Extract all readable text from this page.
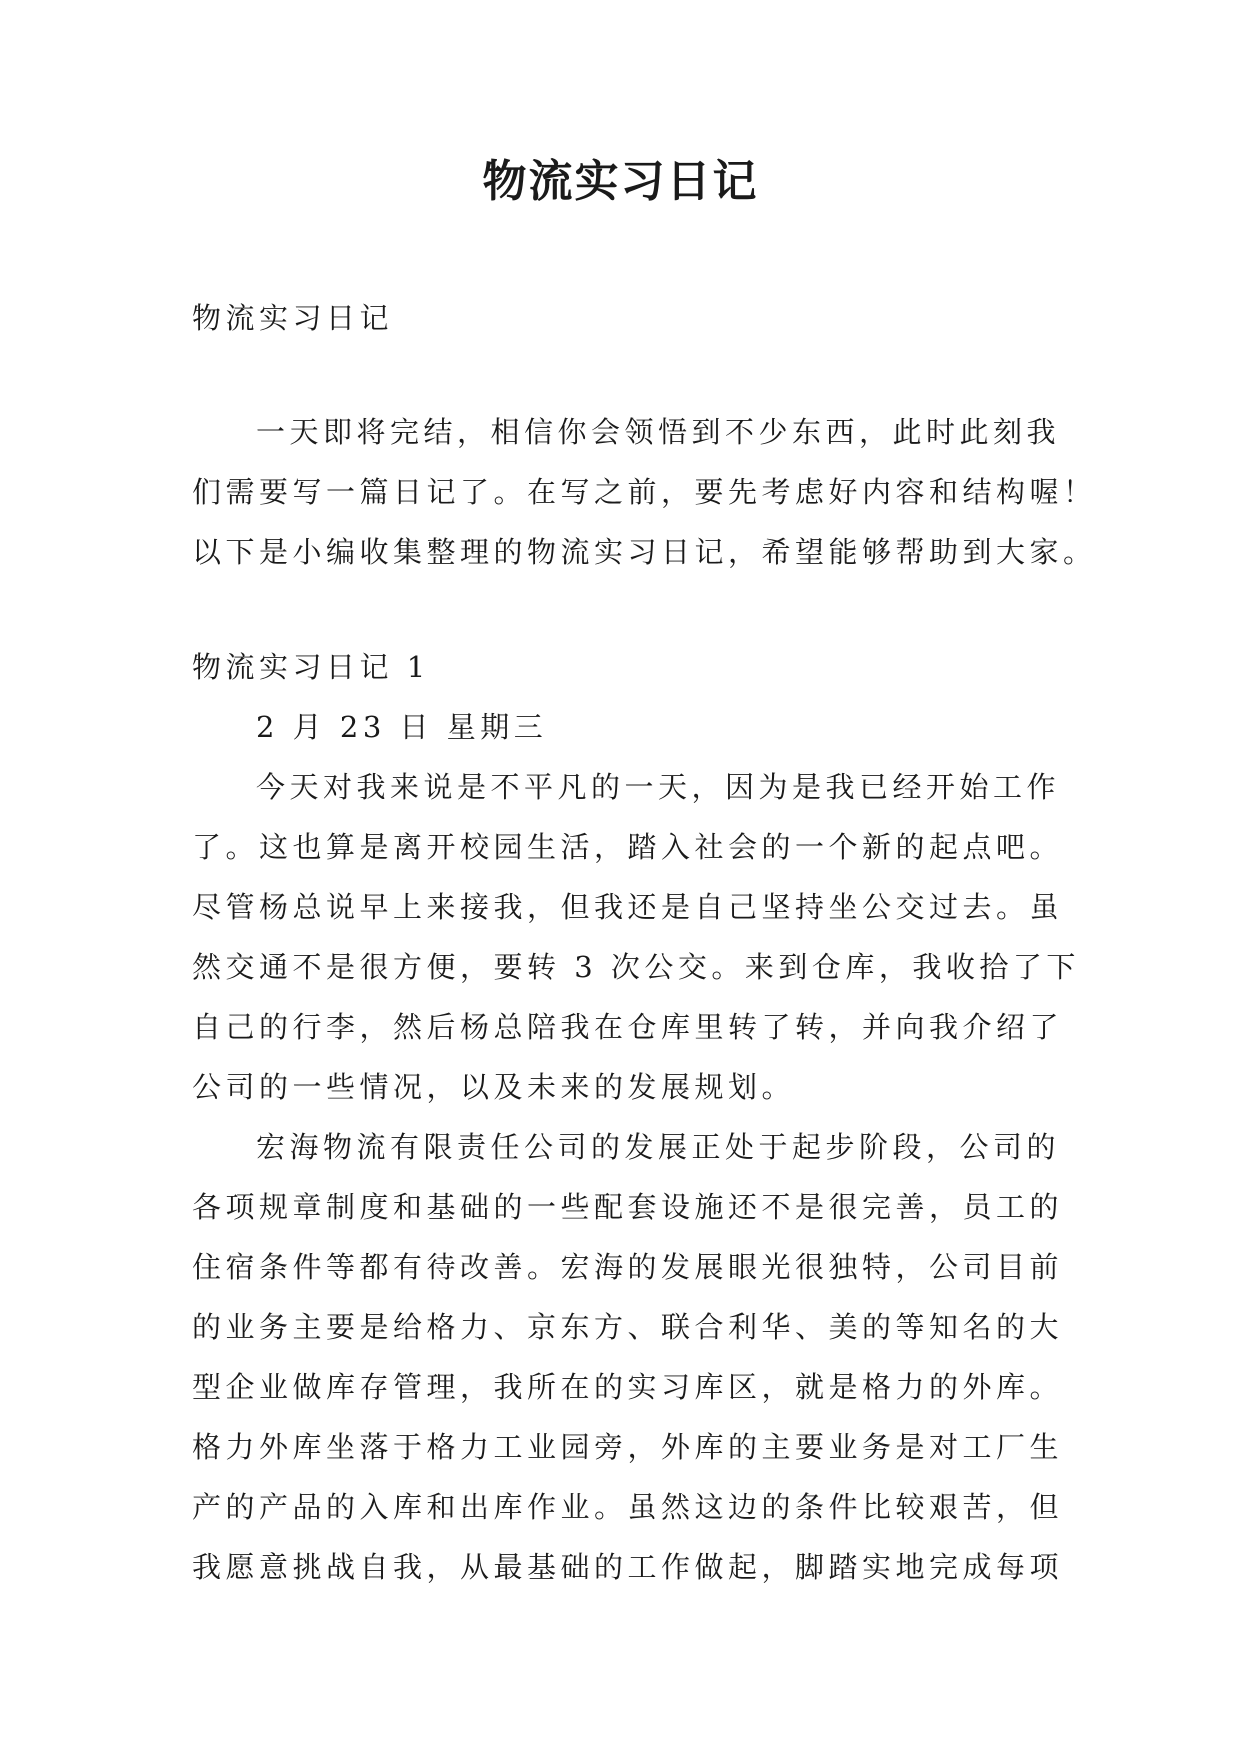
物流实习日记

物流实习日记

一天即将完结，相信你会领悟到不少东西，此时此刻我

们需要写一篇日记了。在写之前，要先考虑好内容和结构喔！

以下是小编收集整理的物流实习日记，希望能够帮助到大家。

物流实习日记 1

2 月 23 日 星期三

今天对我来说是不平凡的一天，因为是我已经开始工作

了。这也算是离开校园生活，踏入社会的一个新的起点吧。

尽管杨总说早上来接我，但我还是自己坚持坐公交过去。虽

然交通不是很方便，要转 3 次公交。来到仓库，我收拾了下

自己的行李，然后杨总陪我在仓库里转了转，并向我介绍了

公司的一些情况，以及未来的发展规划。

宏海物流有限责任公司的发展正处于起步阶段，公司的

各项规章制度和基础的一些配套设施还不是很完善，员工的

住宿条件等都有待改善。宏海的发展眼光很独特，公司目前

的业务主要是给格力、京东方、联合利华、美的等知名的大

型企业做库存管理，我所在的实习库区，就是格力的外库。

格力外库坐落于格力工业园旁，外库的主要业务是对工厂生

产的产品的入库和出库作业。虽然这边的条件比较艰苦，但

我愿意挑战自我，从最基础的工作做起，脚踏实地完成每项
